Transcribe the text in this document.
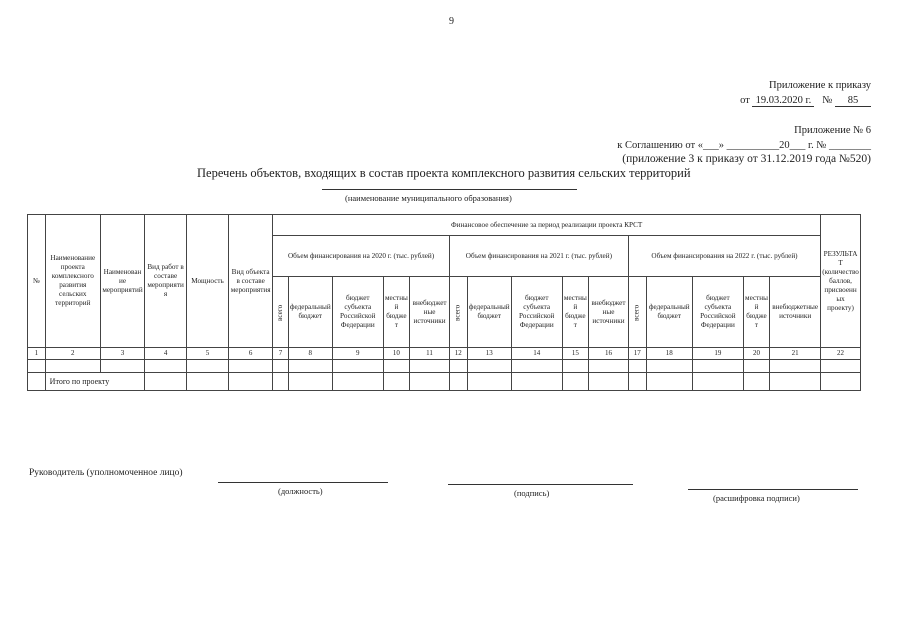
9
Приложение к приказу
от 19.03.2020 г. № 85
Приложение № 6
к Соглашению от «___» __________20___ г. № ________
(приложение 3 к приказу от 31.12.2019 года №520)
Перечень объектов, входящих в состав проекта комплексного развития сельских территорий
(наименование муниципального образования)
№	Наименование проекта комплексного развития сельских территорий	Наименование мероприятий	Вид работ в составе мероприятия	Мощность	Вид объекта в составе мероприятия	Финансовое обеспечение за период реализации проекта КРСТ															РЕЗУЛЬТАТ (количество баллов, присвоенных проекту)
						Объем финансирования на 2020 г. (тыс. рублей)					Объем финансирования на 2021 г. (тыс. рублей)					Объем финансирования на 2022 г. (тыс. рублей)					
						всего	федеральный бюджет	бюджет субъекта Российской Федерации	местный бюджет	внебюджетные источники	всего	федеральный бюджет	бюджет субъекта Российской Федерации	местный бюджет	внебюджетные источники	всего	федеральный бюджет	бюджет субъекта Российской Федерации	местный бюджет	внебюджетные источники	
1	2	3	4	5	6	7	8	9	10	11	12	13	14	15	16	17	18	19	20	21	22

	Итого по проекту																				
Руководитель (уполномоченное лицо)
(должность)	(подпись)	(расшифровка подписи)
